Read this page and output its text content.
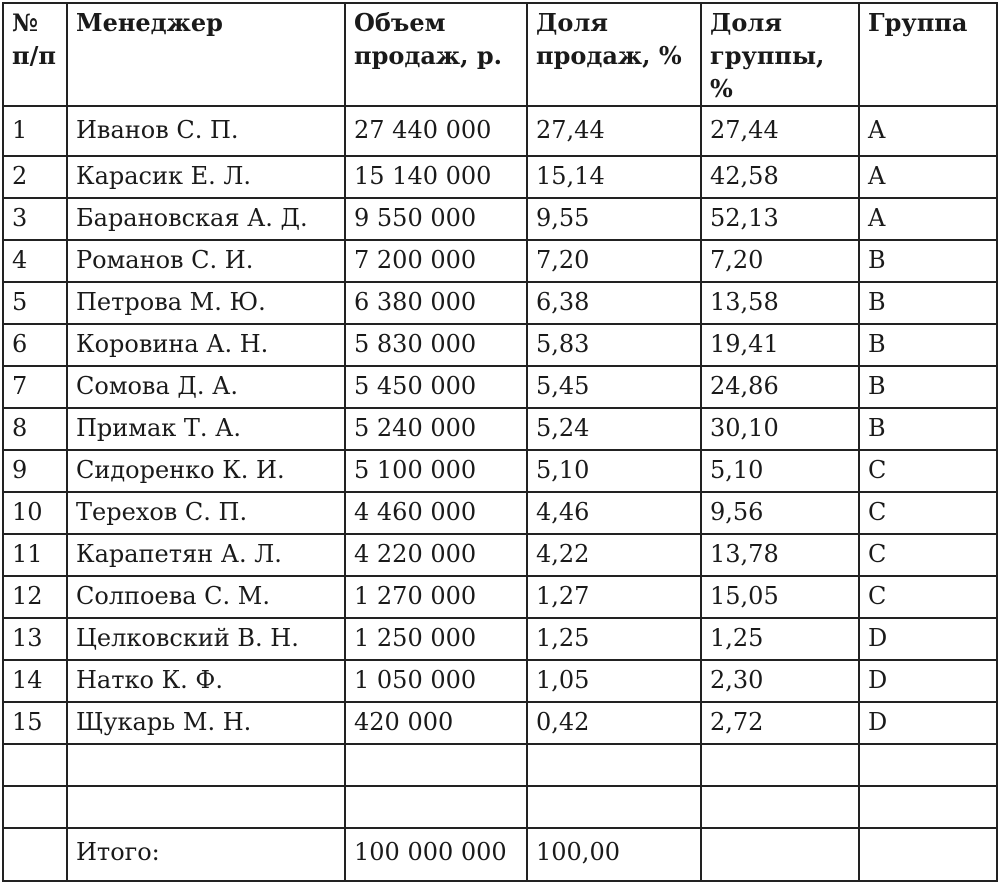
№ п/п	Менеджер	Объем продаж, р.	Доля продаж, %	Доля группы, %	Группа
1	Иванов С. П.	27 440 000	27,44	27,44	A
2	Карасик Е. Л.	15 140 000	15,14	42,58	A
3	Барановская А. Д.	9 550 000	9,55	52,13	A
4	Романов С. И.	7 200 000	7,20	7,20	B
5	Петрова М. Ю.	6 380 000	6,38	13,58	B
6	Коровина А. Н.	5 830 000	5,83	19,41	B
7	Сомова Д. А.	5 450 000	5,45	24,86	B
8	Примак Т. А.	5 240 000	5,24	30,10	B
9	Сидоренко К. И.	5 100 000	5,10	5,10	C
10	Терехов С. П.	4 460 000	4,46	9,56	C
11	Карапетян А. Л.	4 220 000	4,22	13,78	C
12	Солпоева С. М.	1 270 000	1,27	15,05	C
13	Целковский В. Н.	1 250 000	1,25	1,25	D
14	Натко К. Ф.	1 050 000	1,05	2,30	D
15	Щукарь М. Н.	420 000	0,42	2,72	D

	Итого:	100 000 000	100,00		
